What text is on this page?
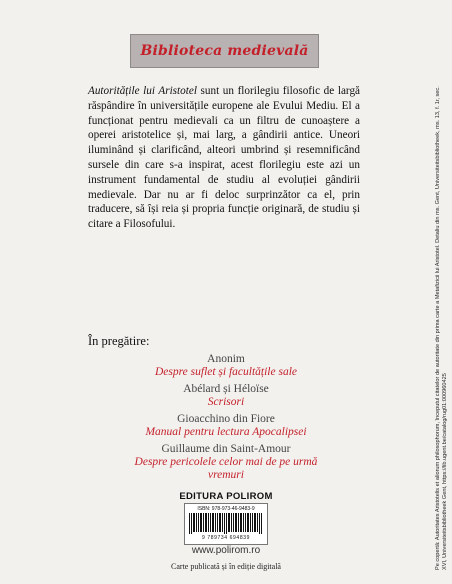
Biblioteca medievală
Autoritățile lui Aristotel sunt un florilegiu filosofic de largă răspândire în universitățile europene ale Evului Mediu. El a funcționat pentru medievali ca un filtru de cunoaștere a operei aristotelice și, mai larg, a gândirii antice. Uneori iluminând și clarificând, alteori umbrind și resemnificând sursele din care s-a inspirat, acest florilegiu este azi un instrument fundamental de studiu al evoluției gândirii medievale. Dar nu ar fi deloc surprinzător ca el, prin traducere, să își reia și propria funcție originară, de studiu și citare a Filosofului.
În pregătire:
Anonim
Despre suflet și facultățile sale
Abélard și Héloïse
Scrisori
Gioacchino din Fiore
Manual pentru lectura Apocalipsei
Guillaume din Saint-Amour
Despre pericolele celor mai de pe urmă vremuri
EDITURA POLIROM
ISBN: 978-973-46-9483-9
9 789734 694839
www.polirom.ro
Carte publicată și în ediție digitală	Pe copertă: Autoritates Aristotelis et aliorum philosophorum, începutul citatelor de autoritate din prima carte a Metafizicii lui Aristotel. Detaliu din ms. Gent, Universiteitsbibliotheek, ms. 13, f. 1r, sec. XVI, Universiteitsbibliotheek Gent, https://lib.ugent.be/catalog/rug01:000960425
